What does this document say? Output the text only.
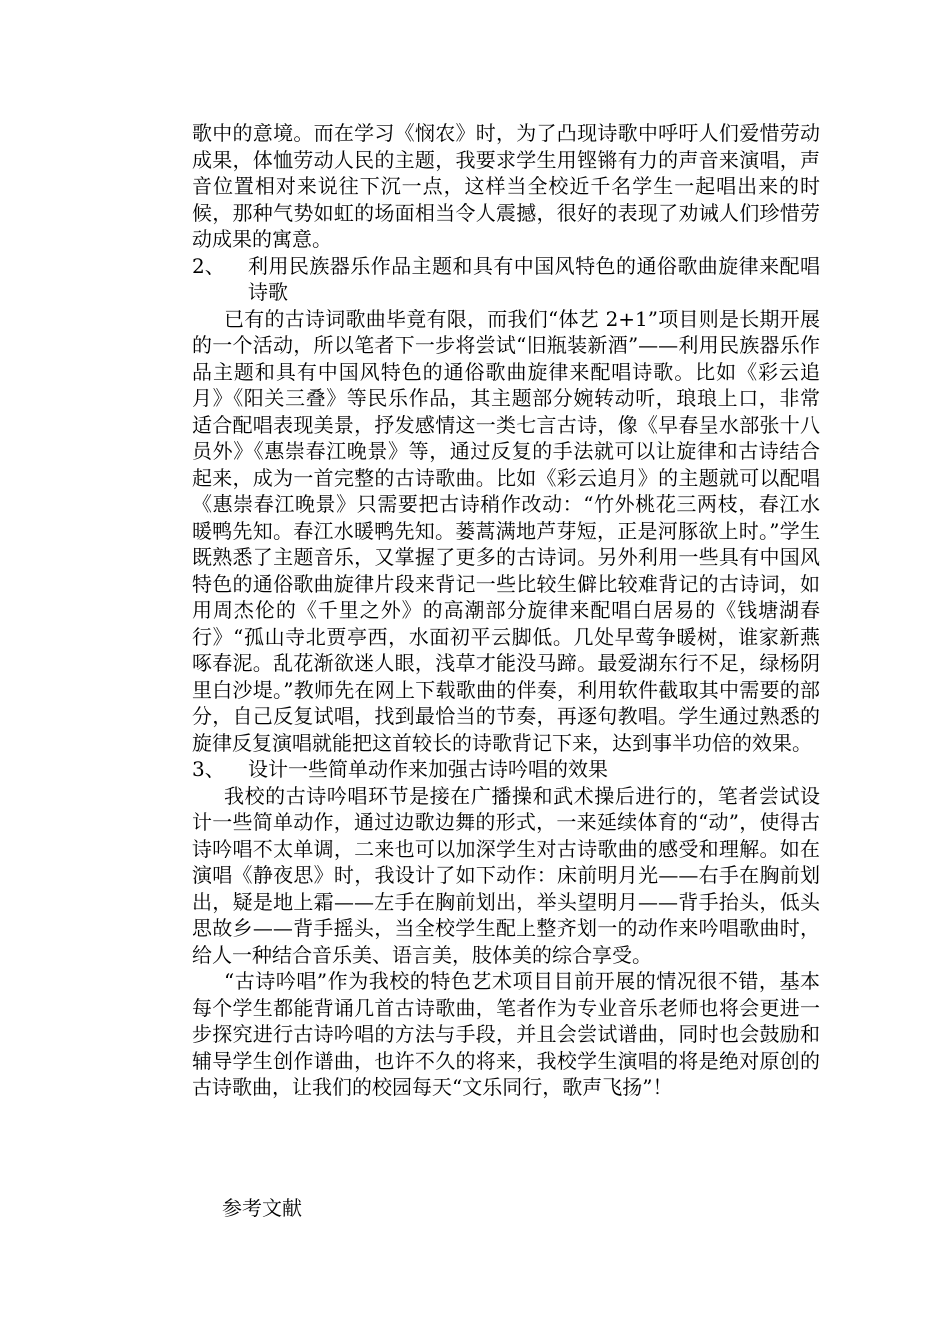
歌中的意境。而在学习《悯农》时，为了凸现诗歌中呼吁人们爱惜劳动成果，体恤劳动人民的主题，我要求学生用铿锵有力的声音来演唱，声音位置相对来说往下沉一点，这样当全校近千名学生一起唱出来的时候，那种气势如虹的场面相当令人震撼，很好的表现了劝诫人们珍惜劳动成果的寓意。

2、	利用民族器乐作品主题和具有中国风特色的通俗歌曲旋律来配唱诗歌

已有的古诗词歌曲毕竟有限，而我们“体艺 2+1”项目则是长期开展的一个活动，所以笔者下一步将尝试“旧瓶装新酒”——利用民族器乐作品主题和具有中国风特色的通俗歌曲旋律来配唱诗歌。比如《彩云追月》《阳关三叠》等民乐作品，其主题部分婉转动听，琅琅上口，非常适合配唱表现美景，抒发感情这一类七言古诗，像《早春呈水部张十八员外》《惠崇春江晚景》等，通过反复的手法就可以让旋律和古诗结合起来，成为一首完整的古诗歌曲。比如《彩云追月》的主题就可以配唱《惠崇春江晚景》只需要把古诗稍作改动：“竹外桃花三两枝，春江水暖鸭先知。春江水暖鸭先知。蒌蒿满地芦芽短，正是河豚欲上时。”学生既熟悉了主题音乐，又掌握了更多的古诗词。另外利用一些具有中国风特色的通俗歌曲旋律片段来背记一些比较生僻比较难背记的古诗词，如用周杰伦的《千里之外》的高潮部分旋律来配唱白居易的《钱塘湖春行》“孤山寺北贾亭西，水面初平云脚低。几处早莺争暖树，谁家新燕啄春泥。乱花渐欲迷人眼，浅草才能没马蹄。最爱湖东行不足，绿杨阴里白沙堤。”教师先在网上下载歌曲的伴奏，利用软件截取其中需要的部分，自己反复试唱，找到最恰当的节奏，再逐句教唱。学生通过熟悉的旋律反复演唱就能把这首较长的诗歌背记下来，达到事半功倍的效果。

3、	设计一些简单动作来加强古诗吟唱的效果

我校的古诗吟唱环节是接在广播操和武术操后进行的，笔者尝试设计一些简单动作，通过边歌边舞的形式，一来延续体育的“动”，使得古诗吟唱不太单调，二来也可以加深学生对古诗歌曲的感受和理解。如在演唱《静夜思》时，我设计了如下动作：床前明月光——右手在胸前划出，疑是地上霜——左手在胸前划出，举头望明月——背手抬头，低头思故乡——背手摇头，当全校学生配上整齐划一的动作来吟唱歌曲时，给人一种结合音乐美、语言美，肢体美的综合享受。

“古诗吟唱”作为我校的特色艺术项目目前开展的情况很不错，基本每个学生都能背诵几首古诗歌曲，笔者作为专业音乐老师也将会更进一步探究进行古诗吟唱的方法与手段，并且会尝试谱曲，同时也会鼓励和辅导学生创作谱曲，也许不久的将来，我校学生演唱的将是绝对原创的古诗歌曲，让我们的校园每天“文乐同行，歌声飞扬”！

参考文献
